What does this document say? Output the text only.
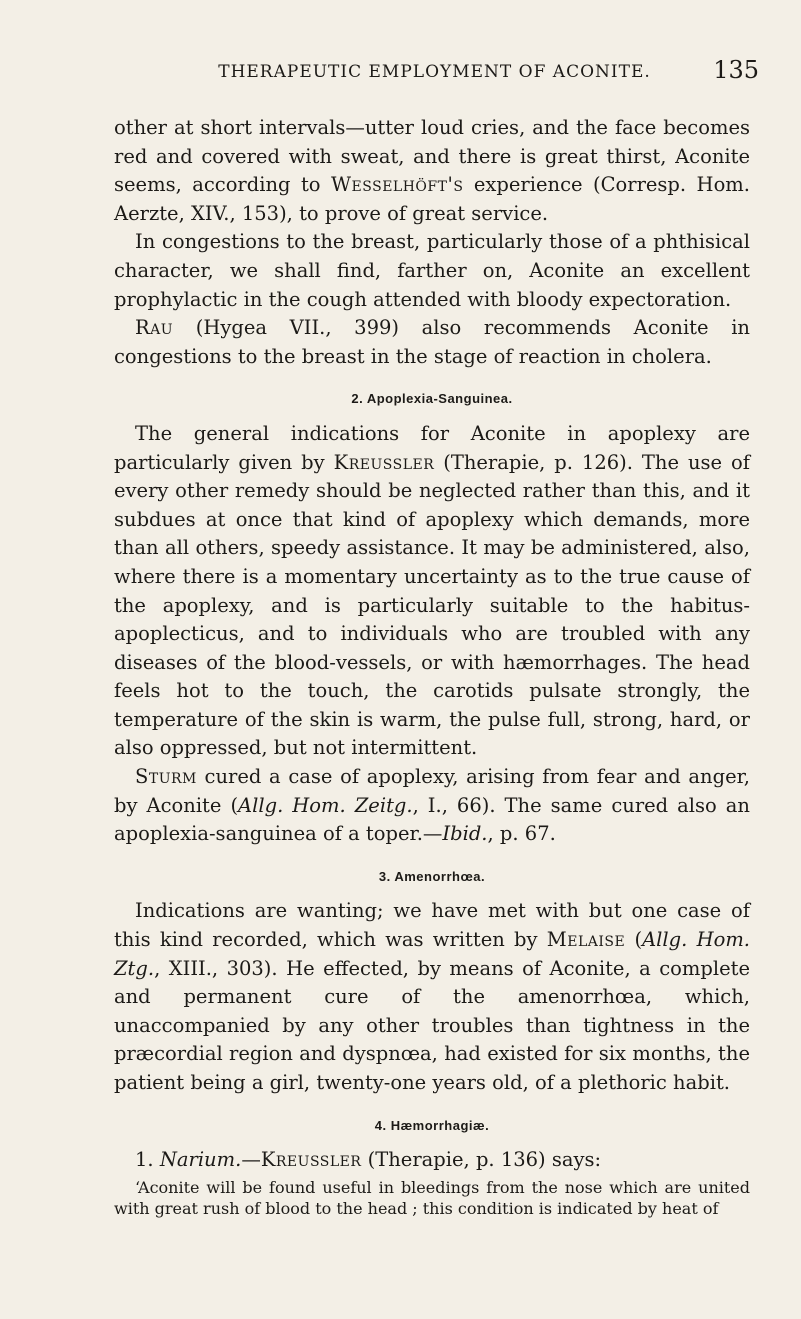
THERAPEUTIC EMPLOYMENT OF ACONITE.	135

other at short intervals—utter loud cries, and the face becomes red and covered with sweat, and there is great thirst, Aconite seems, according to Wesselhöft's experience (Corresp. Hom. Aerzte, XIV., 153), to prove of great service.

In congestions to the breast, particularly those of a phthisical character, we shall find, farther on, Aconite an excellent prophylactic in the cough attended with bloody expectoration.

Rau (Hygea VII., 399) also recommends Aconite in congestions to the breast in the stage of reaction in cholera.

2. Apoplexia-Sanguinea.

The general indications for Aconite in apoplexy are particularly given by Kreussler (Therapie, p. 126). The use of every other remedy should be neglected rather than this, and it subdues at once that kind of apoplexy which demands, more than all others, speedy assistance. It may be administered, also, where there is a momentary uncertainty as to the true cause of the apoplexy, and is particularly suitable to the habitus-apoplecticus, and to individuals who are troubled with any diseases of the blood-vessels, or with hæmorrhages. The head feels hot to the touch, the carotids pulsate strongly, the temperature of the skin is warm, the pulse full, strong, hard, or also oppressed, but not intermittent.

Sturm cured a case of apoplexy, arising from fear and anger, by Aconite (Allg. Hom. Zeitg., I., 66). The same cured also an apoplexia-sanguinea of a toper.—Ibid., p. 67.

3. Amenorrhœa.

Indications are wanting; we have met with but one case of this kind recorded, which was written by Melaise (Allg. Hom. Ztg., XIII., 303). He effected, by means of Aconite, a complete and permanent cure of the amenorrhœa, which, unaccompanied by any other troubles than tightness in the præcordial region and dyspnœa, had existed for six months, the patient being a girl, twenty-one years old, of a plethoric habit.

4. Hæmorrhagiæ.

1. Narium.—Kreussler (Therapie, p. 136) says:

‘Aconite will be found useful in bleedings from the nose which are united with great rush of blood to the head ; this condition is indicated by heat of
